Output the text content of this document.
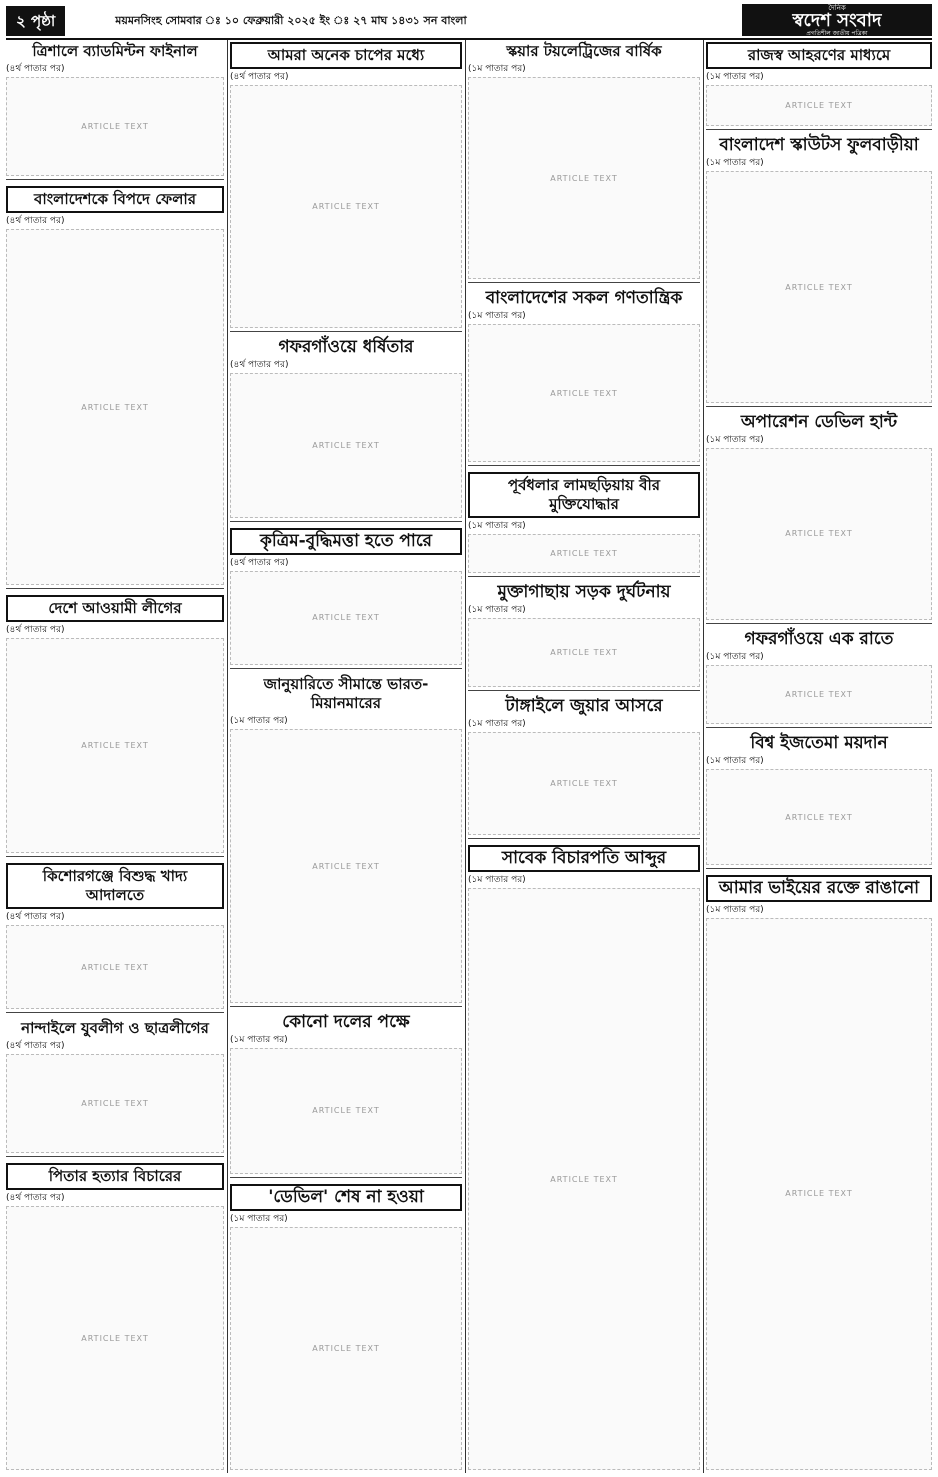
২ পৃষ্ঠা	ময়মনসিংহ সোমবার ঃ ১০ ফেব্রুয়ারী ২০২৫ ইং ঃ ২৭ মাঘ ১৪৩১ সন বাংলা
দৈনিক
স্বদেশ সংবাদ
প্রগতিশীল জাতীয় পত্রিকা
ত্রিশালে ব্যাডমিন্টন ফাইনাল
(৪র্থ পাতার পর)
ARTICLE TEXT
বাংলাদেশকে বিপদে ফেলার
(৪র্থ পাতার পর)
ARTICLE TEXT
দেশে আওয়ামী লীগের
(৪র্থ পাতার পর)
ARTICLE TEXT
কিশোরগঞ্জে বিশুদ্ধ খাদ্য আদালতে
(৪র্থ পাতার পর)
ARTICLE TEXT
নান্দাইলে যুবলীগ ও ছাত্রলীগের
(৪র্থ পাতার পর)
ARTICLE TEXT
পিতার হত্যার বিচারের
(৪র্থ পাতার পর)
ARTICLE TEXT
আমরা অনেক চাপের মধ্যে
(৪র্থ পাতার পর)
ARTICLE TEXT
গফরগাঁওয়ে ধর্ষিতার
(৪র্থ পাতার পর)
ARTICLE TEXT
কৃত্রিম-বুদ্ধিমত্তা হতে পারে
(৪র্থ পাতার পর)
ARTICLE TEXT
জানুয়ারিতে সীমান্তে ভারত-মিয়ানমারের
(১ম পাতার পর)
ARTICLE TEXT
কোনো দলের পক্ষে
(১ম পাতার পর)
ARTICLE TEXT
'ডেভিল' শেষ না হওয়া
(১ম পাতার পর)
ARTICLE TEXT
স্কয়ার টয়লেট্রিজের বার্ষিক
(১ম পাতার পর)
ARTICLE TEXT
বাংলাদেশের সকল গণতান্ত্রিক
(১ম পাতার পর)
ARTICLE TEXT
পূর্বধলার লামছড়িয়ায় বীর মুক্তিযোদ্ধার
(১ম পাতার পর)
ARTICLE TEXT
মুক্তাগাছায় সড়ক দুর্ঘটনায়
(১ম পাতার পর)
ARTICLE TEXT
টাঙ্গাইলে জুয়ার আসরে
(১ম পাতার পর)
ARTICLE TEXT
সাবেক বিচারপতি আব্দুর
(১ম পাতার পর)
ARTICLE TEXT
রাজস্ব আহরণের মাধ্যমে
(১ম পাতার পর)
ARTICLE TEXT
বাংলাদেশ স্কাউটস ফুলবাড়ীয়া
(১ম পাতার পর)
ARTICLE TEXT
অপারেশন ডেভিল হান্ট
(১ম পাতার পর)
ARTICLE TEXT
গফরগাঁওয়ে এক রাতে
(১ম পাতার পর)
ARTICLE TEXT
বিশ্ব ইজতেমা ময়দান
(১ম পাতার পর)
ARTICLE TEXT
আমার ভাইয়ের রক্তে রাঙানো
(১ম পাতার পর)
ARTICLE TEXT
